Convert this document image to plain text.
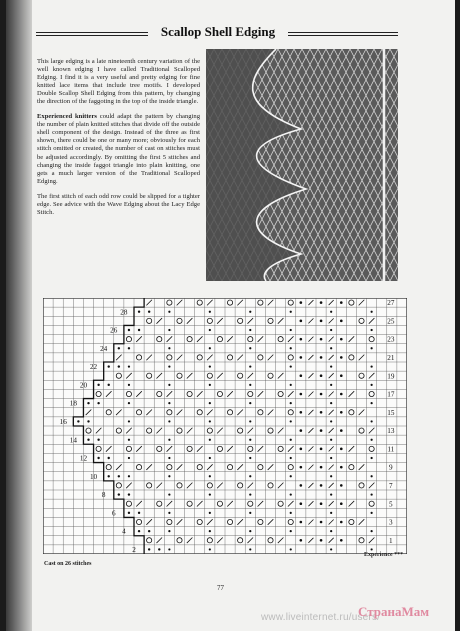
Scallop Shell Edging

This large edging is a late nineteenth century variation of the well known edging I have called Traditional Scalloped Edging. I find it is a very useful and pretty edging for fine knitted lace items that include tree motifs. I developed Double Scallop Shell Edging from this pattern, by changing the direction of the faggoting in the top of the inside triangle.

Experienced knitters could adapt the pattern by changing the number of plain knitted stitches that divide off the outside shell component of the design. Instead of the three as first shown, there could be one or many more; obviously for each stitch omitted or created, the number of cast on stitches must be adjusted accordingly. By omitting the first 5 stitches and changing the inside faggot triangle into plain knitting, one gets a much larger version of the Traditional Scalloped Edging.

The first stitch of each odd row could be slipped for a tighter edge. See advice with the Wave Edging about the Lacy Edge Stitch.

27
25
23
21
19
17
15
13
11
9
7
5
3
1
28
26
24
22
20
18
16
14
12
10
8
6
4
2
Cast on 26 stitches
Experience ***
77
www.liveinternet.ru/users/
СтранаМам
